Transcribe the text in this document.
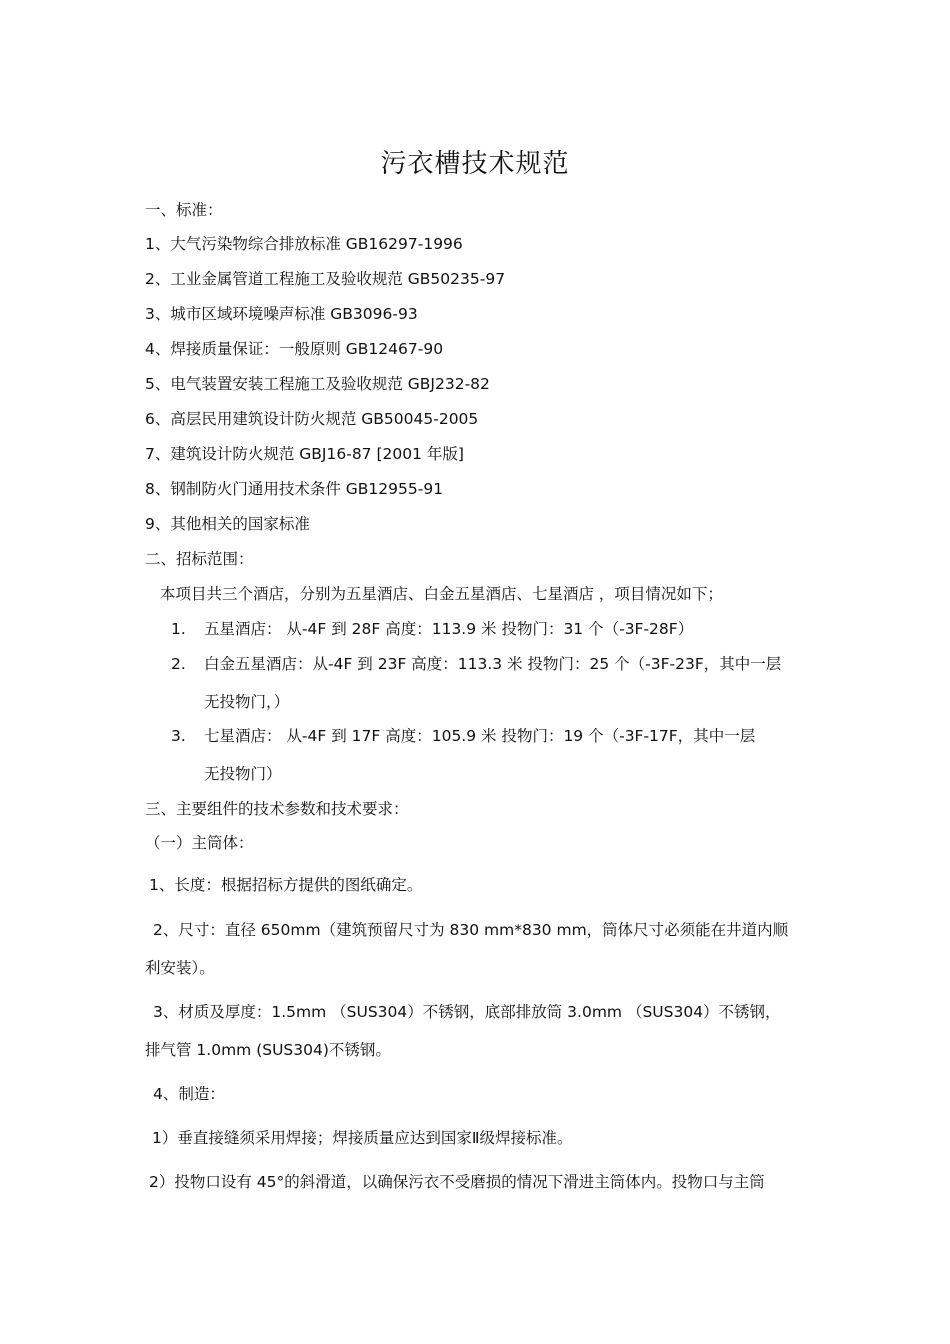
污衣槽技术规范
一、标准：
1、大气污染物综合排放标准 GB16297-1996
2、工业金属管道工程施工及验收规范 GB50235-97
3、城市区域环境噪声标准 GB3096-93
4、焊接质量保证：一般原则 GB12467-90
5、电气装置安装工程施工及验收规范 GBJ232-82
6、高层民用建筑设计防火规范 GB50045-2005
7、建筑设计防火规范 GBJ16-87 [2001 年版]
8、钢制防火门通用技术条件 GB12955-91
9、其他相关的国家标准
二、招标范围：
本项目共三个酒店，分别为五星酒店、白金五星酒店、七星酒店 ，项目情况如下；
1. 五星酒店： 从-4F 到 28F 高度：113.9 米 投物门：31 个（-3F-28F）
2. 白金五星酒店：从-4F 到 23F 高度：113.3 米 投物门：25 个（-3F-23F，其中一层
无投物门，）
3. 七星酒店： 从-4F 到 17F 高度：105.9 米 投物门：19 个（-3F-17F，其中一层
无投物门）
三、主要组件的技术参数和技术要求：
（一）主筒体：
1、长度：根据招标方提供的图纸确定。
2、尺寸：直径 650mm（建筑预留尺寸为 830 mm*830 mm，筒体尺寸必须能在井道内顺
利安装）。
3、材质及厚度：1.5mm （SUS304）不锈钢，底部排放筒 3.0mm （SUS304）不锈钢，
排气管 1.0mm (SUS304)不锈钢。
4、制造：
1）垂直接缝须采用焊接；焊接质量应达到国家Ⅱ级焊接标准。
2）投物口设有 45°的斜滑道，以确保污衣不受磨损的情况下滑进主筒体内。投物口与主筒
